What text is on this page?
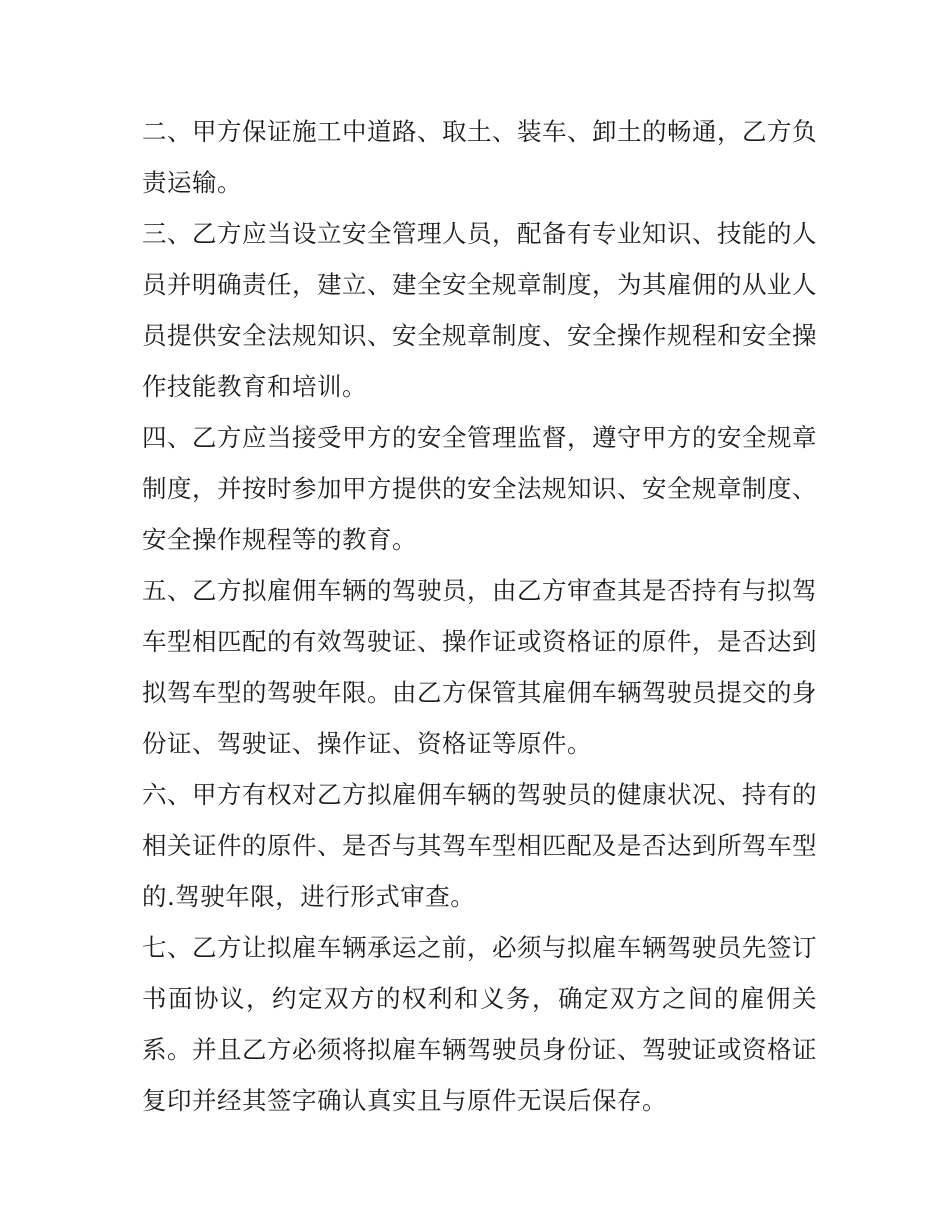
二、甲方保证施工中道路、取土、装车、卸土的畅通，乙方负责运输。

三、乙方应当设立安全管理人员，配备有专业知识、技能的人员并明确责任，建立、建全安全规章制度，为其雇佣的从业人员提供安全法规知识、安全规章制度、安全操作规程和安全操作技能教育和培训。

四、乙方应当接受甲方的安全管理监督，遵守甲方的安全规章制度，并按时参加甲方提供的安全法规知识、安全规章制度、安全操作规程等的教育。

五、乙方拟雇佣车辆的驾驶员，由乙方审查其是否持有与拟驾车型相匹配的有效驾驶证、操作证或资格证的原件，是否达到拟驾车型的驾驶年限。由乙方保管其雇佣车辆驾驶员提交的身份证、驾驶证、操作证、资格证等原件。

六、甲方有权对乙方拟雇佣车辆的驾驶员的健康状况、持有的相关证件的原件、是否与其驾车型相匹配及是否达到所驾车型的.驾驶年限，进行形式审查。

七、乙方让拟雇车辆承运之前，必须与拟雇车辆驾驶员先签订书面协议，约定双方的权利和义务，确定双方之间的雇佣关系。并且乙方必须将拟雇车辆驾驶员身份证、驾驶证或资格证复印并经其签字确认真实且与原件无误后保存。
